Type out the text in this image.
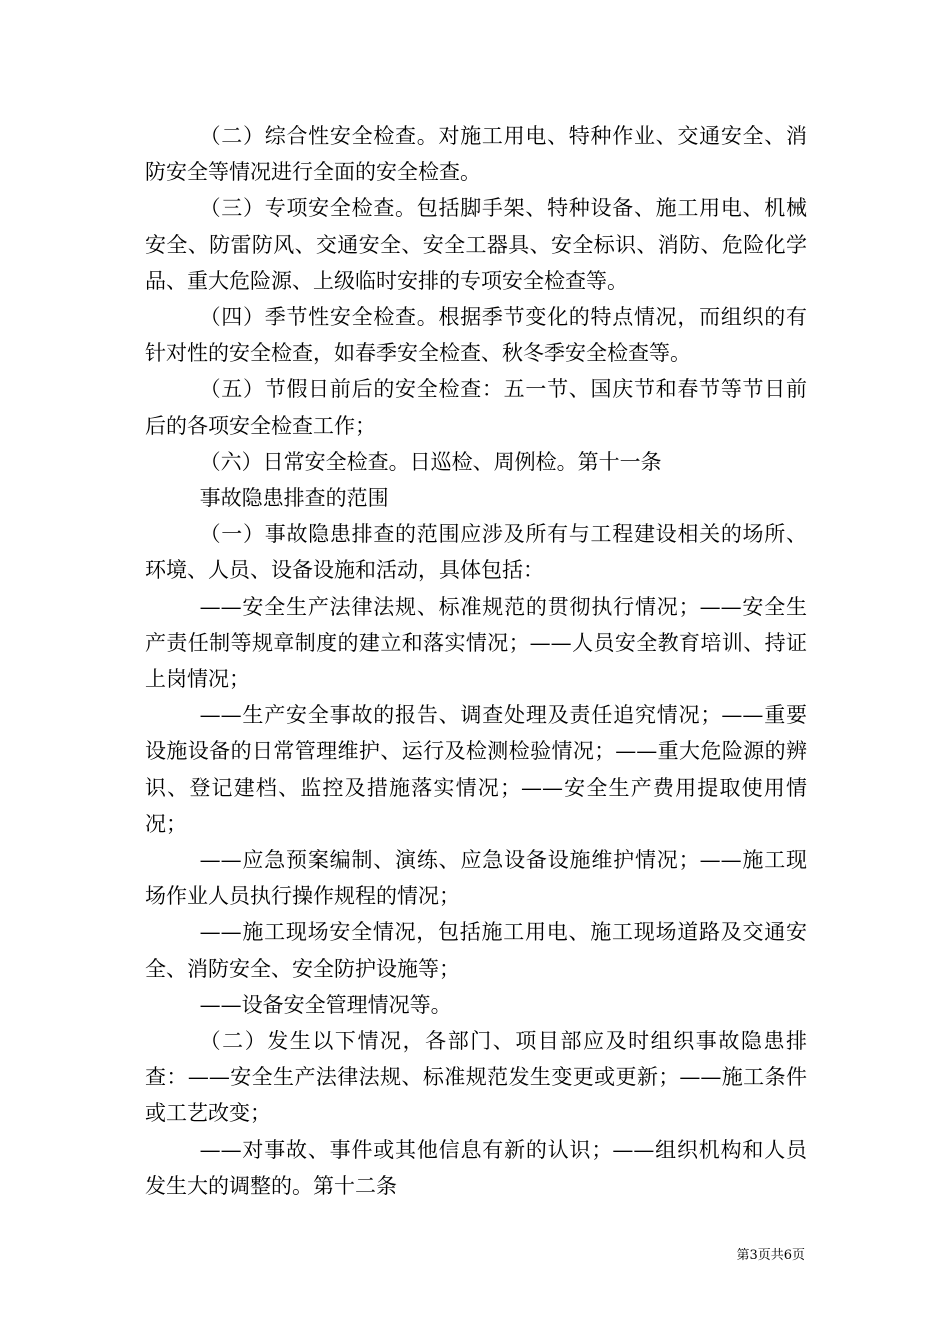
（二）综合性安全检查。对施工用电、特种作业、交通安全、消防安全等情况进行全面的安全检查。

（三）专项安全检查。包括脚手架、特种设备、施工用电、机械安全、防雷防风、交通安全、安全工器具、安全标识、消防、危险化学品、重大危险源、上级临时安排的专项安全检查等。

（四）季节性安全检查。根据季节变化的特点情况，而组织的有针对性的安全检查，如春季安全检查、秋冬季安全检查等。

（五）节假日前后的安全检查：五一节、国庆节和春节等节日前后的各项安全检查工作；

（六）日常安全检查。日巡检、周例检。第十一条

事故隐患排查的范围

（一）事故隐患排查的范围应涉及所有与工程建设相关的场所、环境、人员、设备设施和活动，具体包括：

——安全生产法律法规、标准规范的贯彻执行情况；——安全生产责任制等规章制度的建立和落实情况；——人员安全教育培训、持证上岗情况；

——生产安全事故的报告、调查处理及责任追究情况；——重要设施设备的日常管理维护、运行及检测检验情况；——重大危险源的辨识、登记建档、监控及措施落实情况；——安全生产费用提取使用情况；

——应急预案编制、演练、应急设备设施维护情况；——施工现场作业人员执行操作规程的情况；

——施工现场安全情况，包括施工用电、施工现场道路及交通安全、消防安全、安全防护设施等；

——设备安全管理情况等。

（二）发生以下情况，各部门、项目部应及时组织事故隐患排查：——安全生产法律法规、标准规范发生变更或更新；——施工条件或工艺改变；

——对事故、事件或其他信息有新的认识；——组织机构和人员发生大的调整的。第十二条

第3页共6页
